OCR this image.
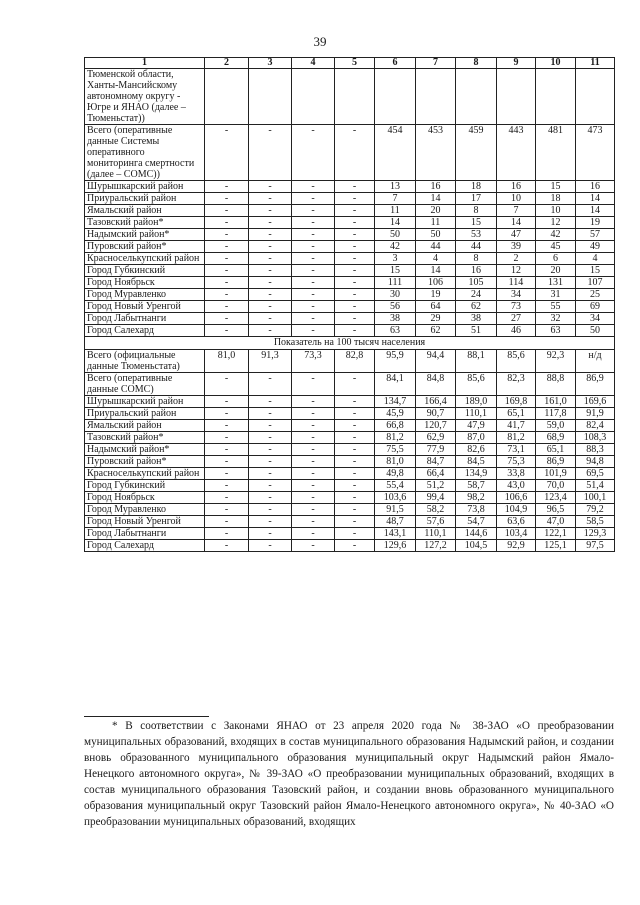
39
1	2	3	4	5	6	7	8	9	10	11
Тюменской области, Ханты-Мансийскому автономному округу - Югре и ЯНАО (далее – Тюменьстат))										
Всего (оперативные данные Системы оперативного мониторинга смертности (далее – СОМС))	-	-	-	-	454	453	459	443	481	473
Шурышкарский район	-	-	-	-	13	16	18	16	15	16
Приуральский район	-	-	-	-	7	14	17	10	18	14
Ямальский район	-	-	-	-	11	20	8	7	10	14
Тазовский район*	-	-	-	-	14	11	15	14	12	19
Надымский район*	-	-	-	-	50	50	53	47	42	57
Пуровский район*	-	-	-	-	42	44	44	39	45	49
Красноселькупский район	-	-	-	-	3	4	8	2	6	4
Город Губкинский	-	-	-	-	15	14	16	12	20	15
Город Ноябрьск	-	-	-	-	111	106	105	114	131	107
Город Муравленко	-	-	-	-	30	19	24	34	31	25
Город Новый Уренгой	-	-	-	-	56	64	62	73	55	69
Город Лабытнанги	-	-	-	-	38	29	38	27	32	34
Город Салехард	-	-	-	-	63	62	51	46	63	50
Показатель на 100 тысяч населения										
Всего (официальные данные Тюменьстата)	81,0	91,3	73,3	82,8	95,9	94,4	88,1	85,6	92,3	н/д
Всего (оперативные данные СОМС)	-	-	-	-	84,1	84,8	85,6	82,3	88,8	86,9
Шурышкарский район	-	-	-	-	134,7	166,4	189,0	169,8	161,0	169,6
Приуральский район	-	-	-	-	45,9	90,7	110,1	65,1	117,8	91,9
Ямальский район	-	-	-	-	66,8	120,7	47,9	41,7	59,0	82,4
Тазовский район*	-	-	-	-	81,2	62,9	87,0	81,2	68,9	108,3
Надымский район*	-	-	-	-	75,5	77,9	82,6	73,1	65,1	88,3
Пуровский район*	-	-	-	-	81,0	84,7	84,5	75,3	86,9	94,8
Красноселькупский район	-	-	-	-	49,8	66,4	134,9	33,8	101,9	69,5
Город Губкинский	-	-	-	-	55,4	51,2	58,7	43,0	70,0	51,4
Город Ноябрьск	-	-	-	-	103,6	99,4	98,2	106,6	123,4	100,1
Город Муравленко	-	-	-	-	91,5	58,2	73,8	104,9	96,5	79,2
Город Новый Уренгой	-	-	-	-	48,7	57,6	54,7	63,6	47,0	58,5
Город Лабытнанги	-	-	-	-	143,1	110,1	144,6	103,4	122,1	129,3
Город Салехард	-	-	-	-	129,6	127,2	104,5	92,9	125,1	97,5

* В соответствии с Законами ЯНАО от 23 апреля 2020 года № 38-ЗАО «О преобразовании муниципальных образований, входящих в состав муниципального образования Надымский район, и создании вновь образованного муниципального образования муниципальный округ Надымский район Ямало-Ненецкого автономного округа», № 39-ЗАО «О преобразовании муниципальных образований, входящих в состав муниципального образования Тазовский район, и создании вновь образованного муниципального образования муниципальный округ Тазовский район Ямало-Ненецкого автономного округа», № 40-ЗАО «О преобразовании муниципальных образований, входящих
